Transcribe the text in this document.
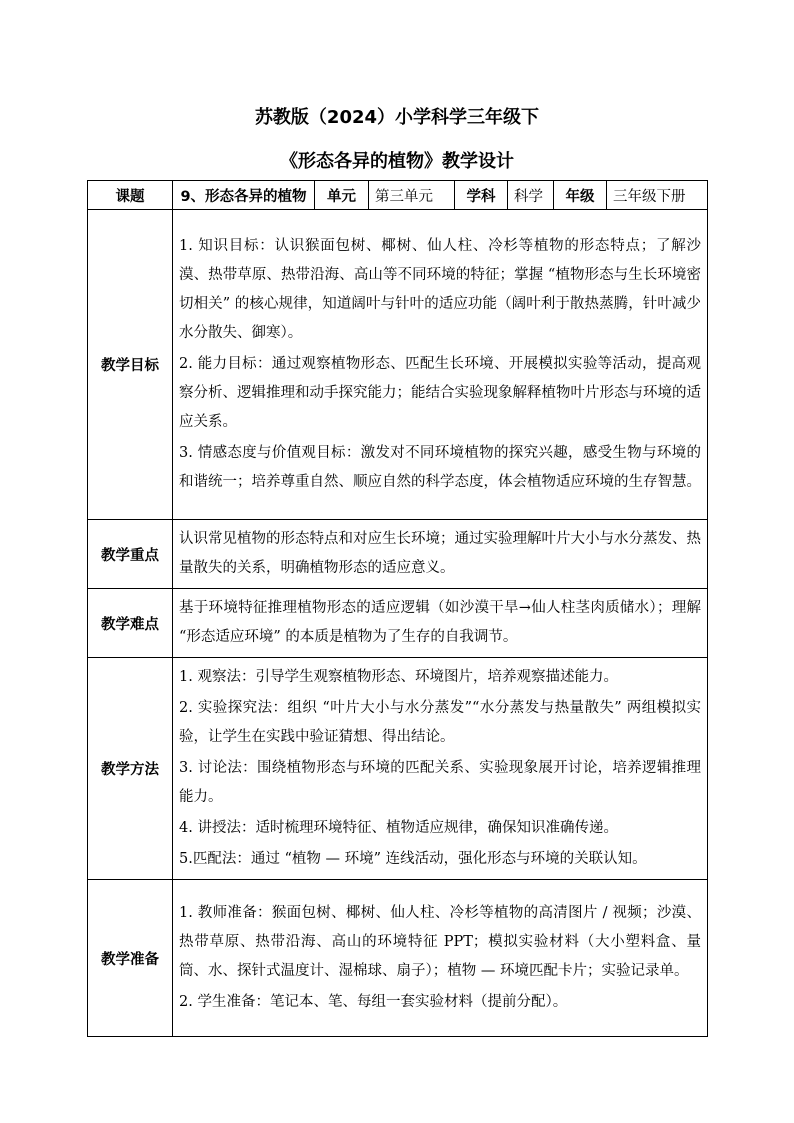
苏教版（2024）小学科学三年级下
《形态各异的植物》教学设计
课题	9、形态各异的植物	单元	第三单元	学科	科学	年级	三年级下册
教学目标	1. 知识目标：认识猴面包树、椰树、仙人柱、冷杉等植物的形态特点；了解沙漠、热带草原、热带沿海、高山等不同环境的特征；掌握 “植物形态与生长环境密切相关” 的核心规律，知道阔叶与针叶的适应功能（阔叶利于散热蒸腾，针叶减少水分散失、御寒）。

2. 能力目标：通过观察植物形态、匹配生长环境、开展模拟实验等活动，提高观察分析、逻辑推理和动手探究能力；能结合实验现象解释植物叶片形态与环境的适应关系。

3. 情感态度与价值观目标：激发对不同环境植物的探究兴趣，感受生物与环境的和谐统一；培养尊重自然、顺应自然的科学态度，体会植物适应环境的生存智慧。						

教学重点	认识常见植物的形态特点和对应生长环境；通过实验理解叶片大小与水分蒸发、热量散失的关系，明确植物形态的适应意义。						

教学难点	基于环境特征推理植物形态的适应逻辑（如沙漠干旱→仙人柱茎肉质储水）；理解 “形态适应环境” 的本质是植物为了生存的自我调节。						

教学方法	1. 观察法：引导学生观察植物形态、环境图片，培养观察描述能力。

2. 实验探究法：组织 “叶片大小与水分蒸发”“水分蒸发与热量散失” 两组模拟实验，让学生在实践中验证猜想、得出结论。

3. 讨论法：围绕植物形态与环境的匹配关系、实验现象展开讨论，培养逻辑推理能力。

4. 讲授法：适时梳理环境特征、植物适应规律，确保知识准确传递。

5.匹配法：通过 “植物 — 环境” 连线活动，强化形态与环境的关联认知。						

教学准备	1. 教师准备：猴面包树、椰树、仙人柱、冷杉等植物的高清图片 / 视频；沙漠、热带草原、热带沿海、高山的环境特征 PPT；模拟实验材料（大小塑料盒、量筒、水、探针式温度计、湿棉球、扇子）；植物 — 环境匹配卡片；实验记录单。

2. 学生准备：笔记本、笔、每组一套实验材料（提前分配）。						
